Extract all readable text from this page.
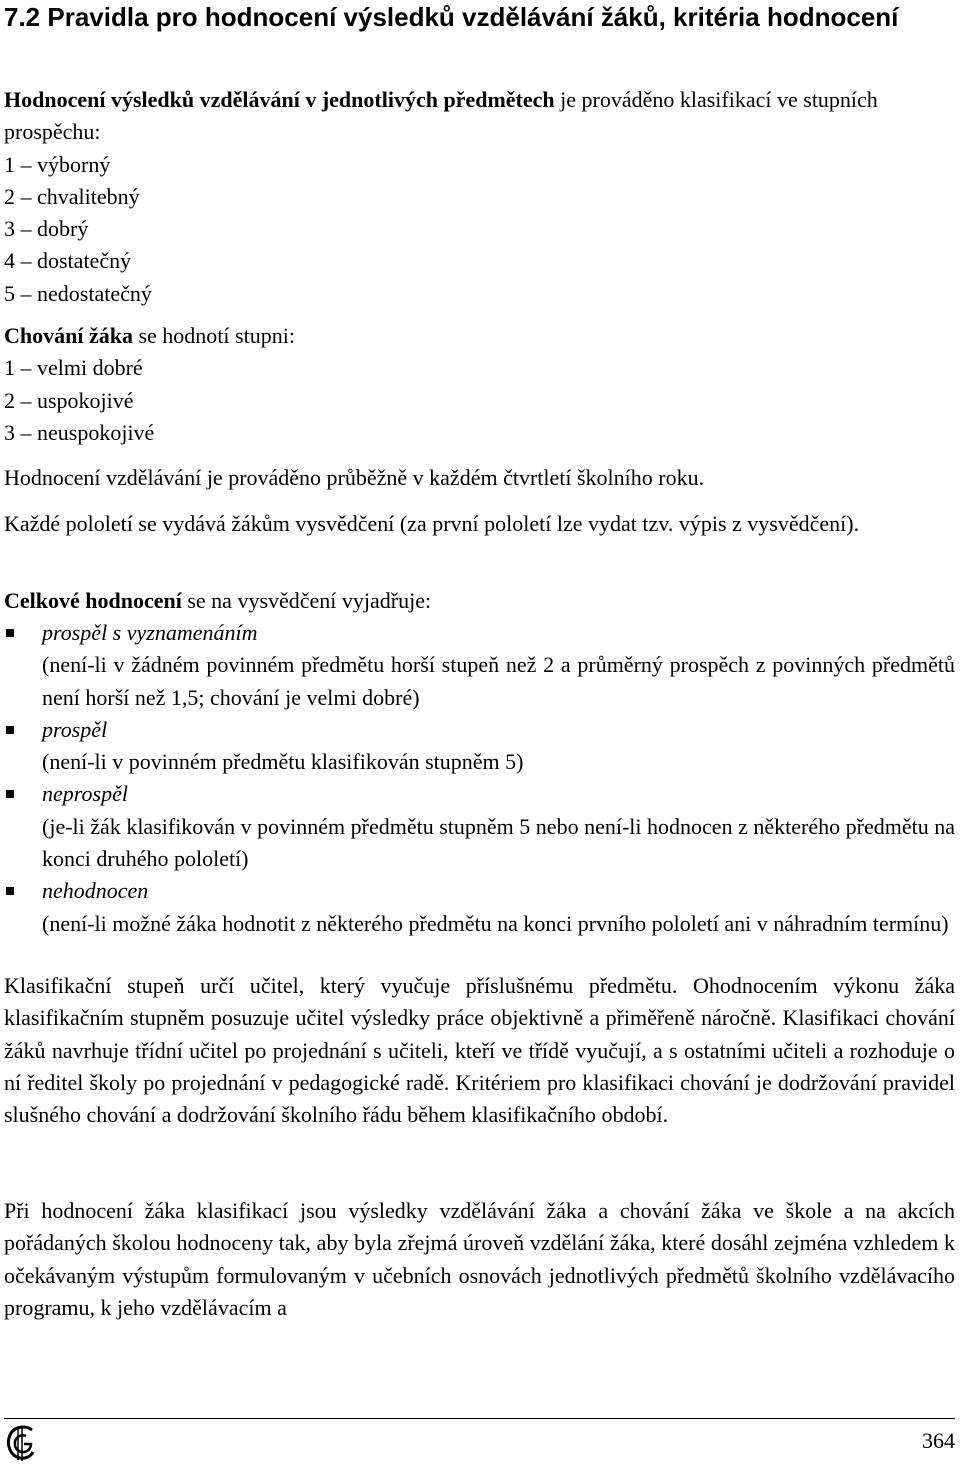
7.2 Pravidla pro hodnocení výsledků vzdělávání žáků, kritéria hodnocení

Hodnocení výsledků vzdělávání v jednotlivých předmětech je prováděno klasifikací ve stupních prospěchu:

1 – výborný
2 – chvalitebný
3 – dobrý
4 – dostatečný
5 – nedostatečný

Chování žáka se hodnotí stupni:

1 – velmi dobré
2 – uspokojivé
3 – neuspokojivé

Hodnocení vzdělávání je prováděno průběžně v každém čtvrtletí školního roku.

Každé pololetí se vydává žákům vysvědčení (za první pololetí lze vydat tzv. výpis z vysvědčení).

Celkové hodnocení se na vysvědčení vyjadřuje:

prospěl s vyznamenáním
(není-li v žádném povinném předmětu horší stupeň než 2 a průměrný prospěch z povinných předmětů není horší než 1,5; chování je velmi dobré)
prospěl
(není-li v povinném předmětu klasifikován stupněm 5)
neprospěl
(je-li žák klasifikován v povinném předmětu stupněm 5 nebo není-li hodnocen z některého předmětu na konci druhého pololetí)
nehodnocen
(není-li možné žáka hodnotit z některého předmětu na konci prvního pololetí ani v náhradním termínu)

Klasifikační stupeň určí učitel, který vyučuje příslušnému předmětu. Ohodnocením výkonu žáka klasifikačním stupněm posuzuje učitel výsledky práce objektivně a přiměřeně náročně. Klasifikaci chování žáků navrhuje třídní učitel po projednání s učiteli, kteří ve třídě vyučují, a s ostatními učiteli a rozhoduje o ní ředitel školy po projednání v pedagogické radě. Kritériem pro klasifikaci chování je dodržování pravidel slušného chování a dodržování školního řádu během klasifikačního období.

Při hodnocení žáka klasifikací jsou výsledky vzdělávání žáka a chování žáka ve škole a na akcích pořádaných školou hodnoceny tak, aby byla zřejmá úroveň vzdělání žáka, které dosáhl zejména vzhledem k očekávaným výstupům formulovaným v učebních osnovách jednotlivých předmětů školního vzdělávacího programu, k jeho vzdělávacím a

364
